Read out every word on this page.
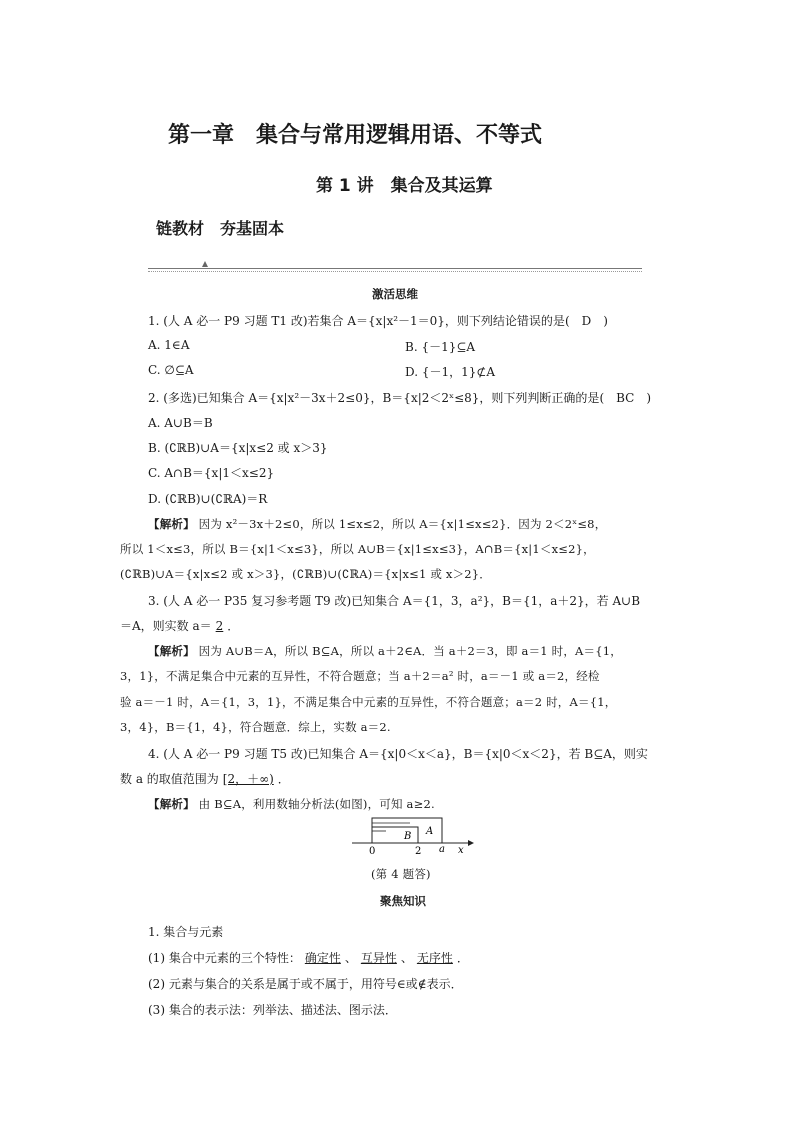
第一章　集合与常用逻辑用语、不等式
第 1 讲　集合及其运算
链教材　夯基固本
激活思维
1. (人 A 必一 P9 习题 T1 改)若集合 A＝{x|x²－1＝0}，则下列结论错误的是(　D　)
A. 1∈A	B. {－1}⊆A
C. ∅⊆A	D. {－1，1}⊄A
2. (多选)已知集合 A＝{x|x²－3x＋2≤0}，B＝{x|2＜2ˣ≤8}，则下列判断正确的是(　BC　)
A. A∪B＝B
B. (∁ℝB)∪A＝{x|x≤2 或 x＞3}
C. A∩B＝{x|1＜x≤2}
D. (∁ℝB)∪(∁ℝA)＝R
【解析】 因为 x²－3x＋2≤0，所以 1≤x≤2，所以 A＝{x|1≤x≤2}．因为 2＜2ˣ≤8，
所以 1＜x≤3，所以 B＝{x|1＜x≤3}，所以 A∪B＝{x|1≤x≤3}，A∩B＝{x|1＜x≤2}，
(∁ℝB)∪A＝{x|x≤2 或 x＞3}，(∁ℝB)∪(∁ℝA)＝{x|x≤1 或 x＞2}．
3. (人 A 必一 P35 复习参考题 T9 改)已知集合 A＝{1，3，a²}，B＝{1，a＋2}，若 A∪B
＝A，则实数 a＝ 2 ．
【解析】 因为 A∪B＝A，所以 B⊆A，所以 a＋2∈A．当 a＋2＝3，即 a＝1 时，A＝{1，
3，1}，不满足集合中元素的互异性，不符合题意；当 a＋2＝a² 时，a＝－1 或 a＝2，经检
验 a＝－1 时，A＝{1，3，1}，不满足集合中元素的互异性，不符合题意；a＝2 时，A＝{1，
3，4}，B＝{1，4}，符合题意．综上，实数 a＝2.
4. (人 A 必一 P9 习题 T5 改)已知集合 A＝{x|0＜x＜a}，B＝{x|0＜x＜2}，若 B⊆A，则实
数 a 的取值范围为 [2，＋∞) ．
【解析】 由 B⊆A，利用数轴分析法(如图)，可知 a≥2.
B A
0	2 a x
(第 4 题答)
聚焦知识
1. 集合与元素
(1) 集合中元素的三个特性： 确定性 、 互异性 、 无序性 ．
(2) 元素与集合的关系是属于或不属于，用符号∈或∉表示．
(3) 集合的表示法：列举法、描述法、图示法．
